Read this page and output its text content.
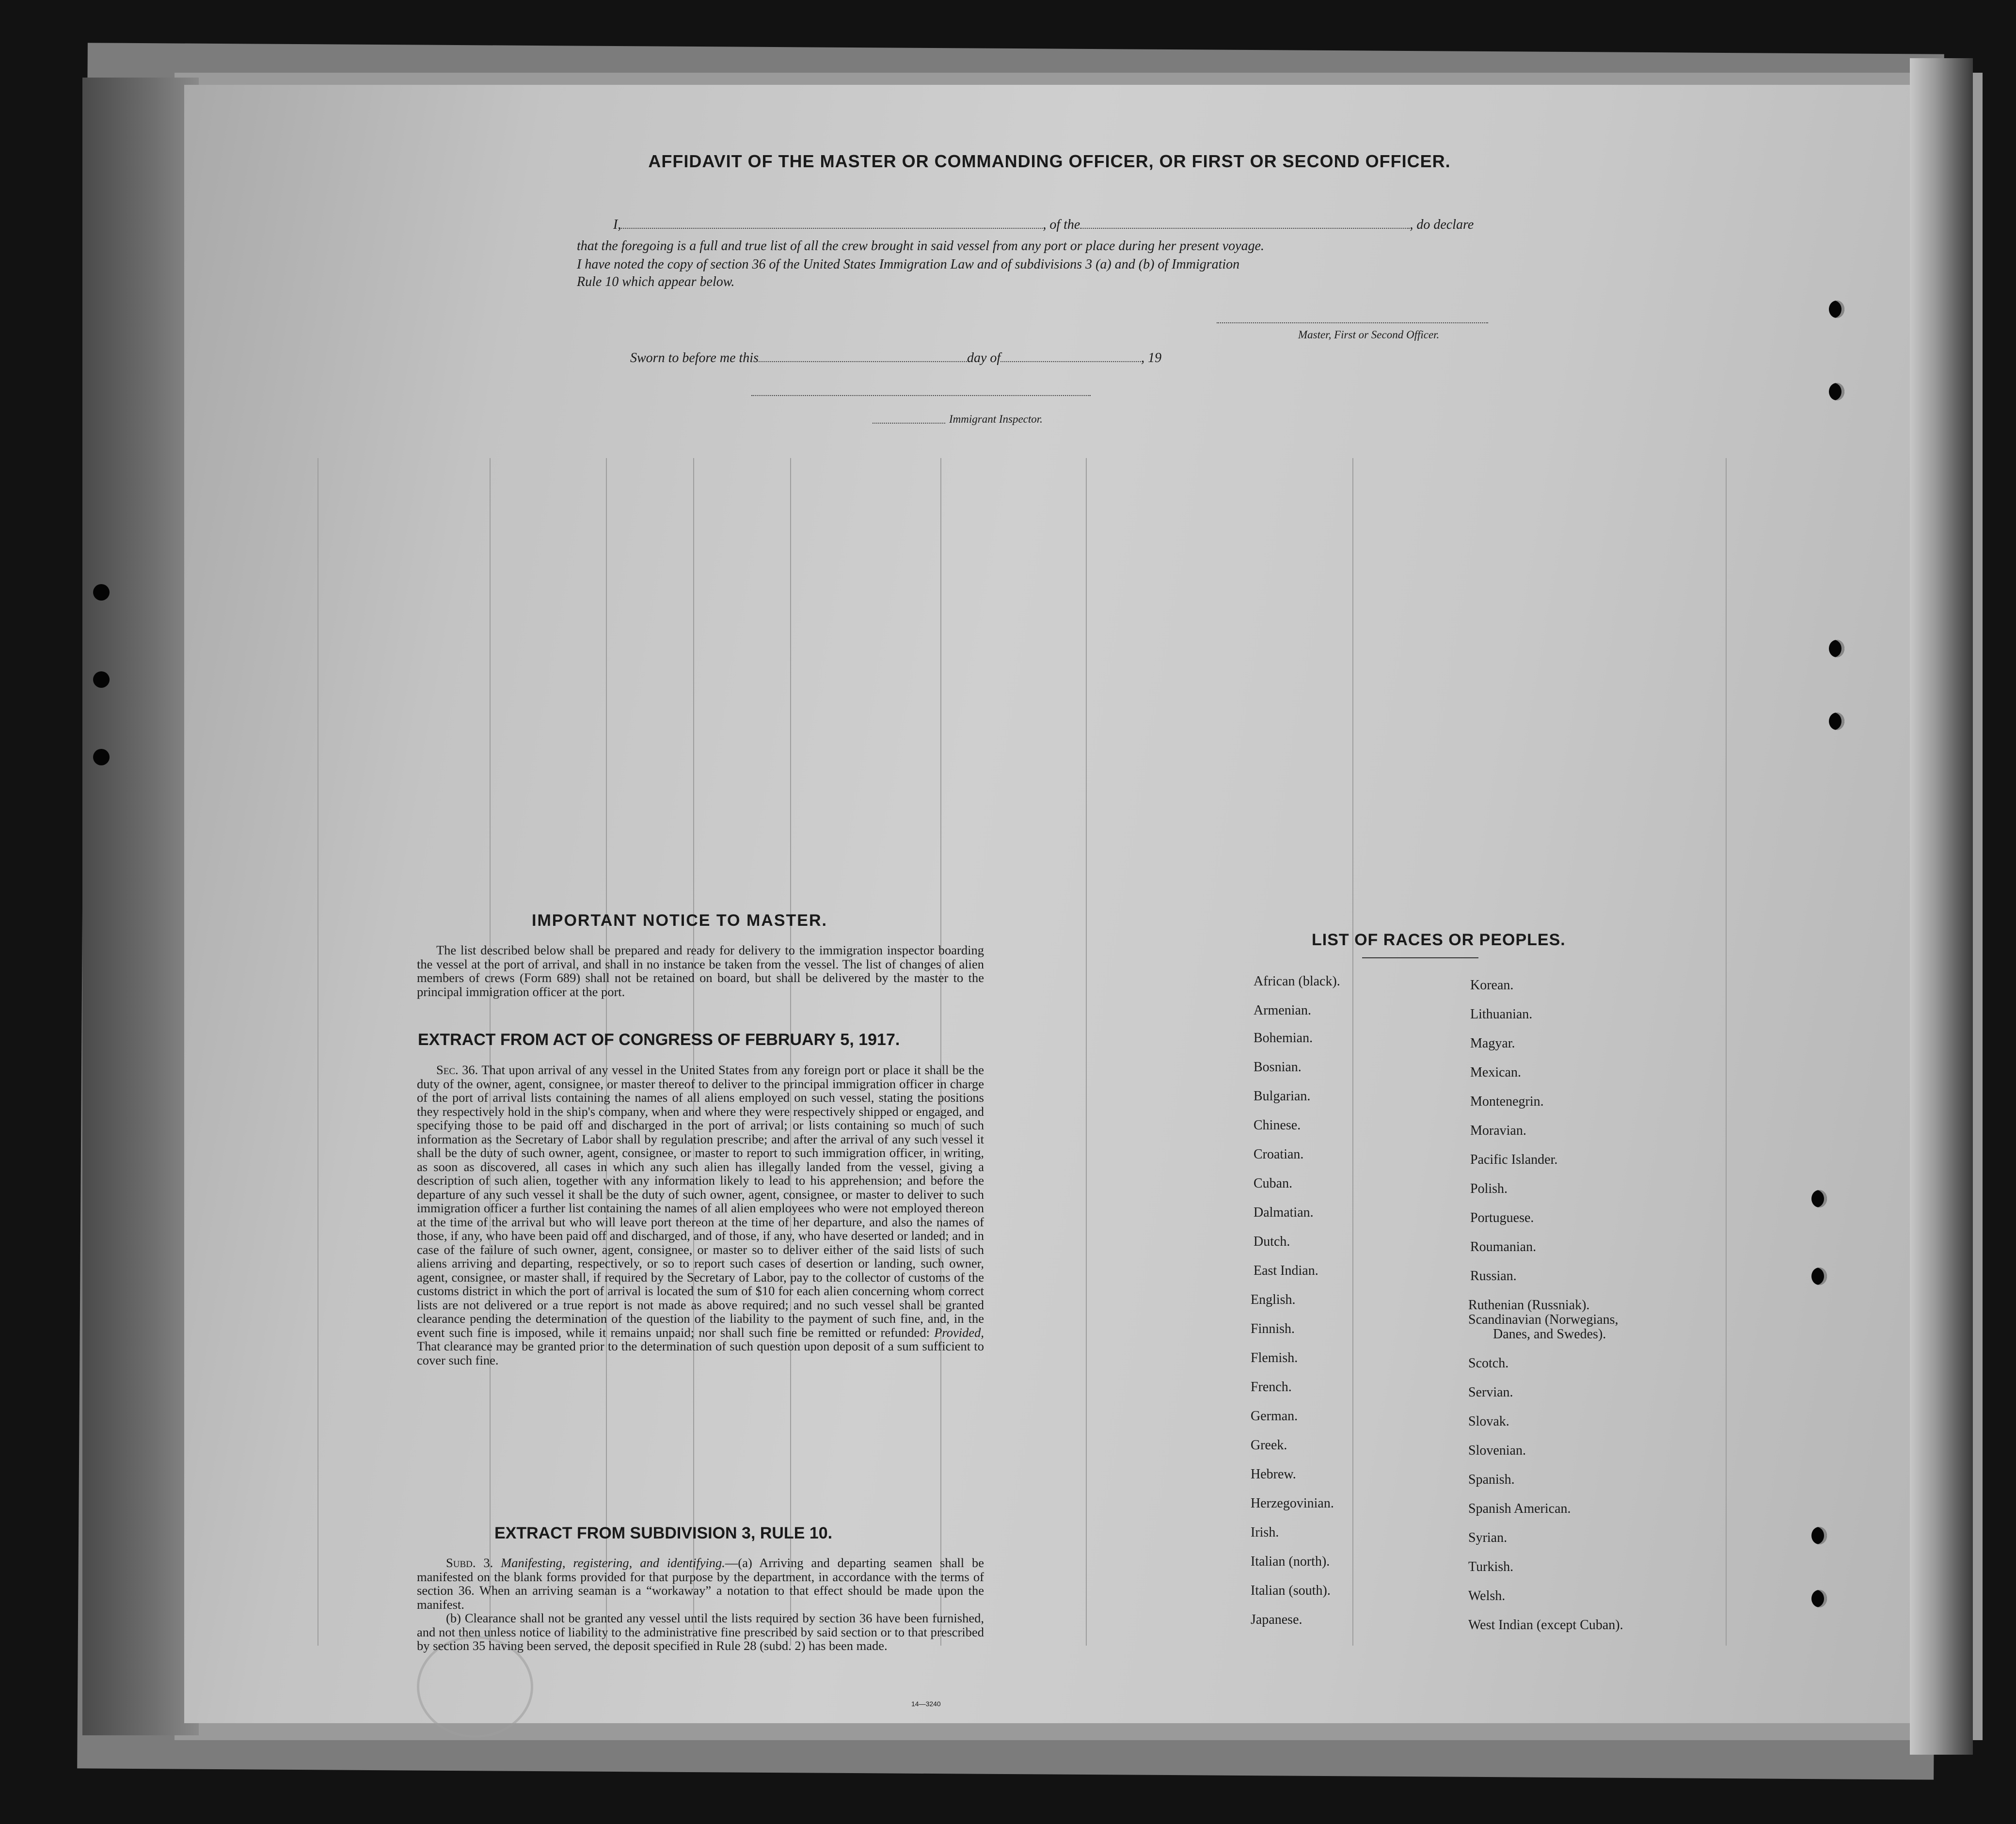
AFFIDAVIT OF THE MASTER OR COMMANDING OFFICER, OR FIRST OR SECOND OFFICER.
I,	, of the	, do declare
that the foregoing is a full and true list of all the crew brought in said vessel from any port or place during her present voyage.
I have noted the copy of section 36 of the United States Immigration Law and of subdivisions 3 (a) and (b) of Immigration
Rule 10 which appear below.
Master, First or Second Officer.
Sworn to before me this	day of	, 19
Immigrant Inspector.
IMPORTANT NOTICE TO MASTER.
The list described below shall be prepared and ready for delivery to the immigration inspector boarding the vessel at the port of arrival, and shall in no instance be taken from the vessel. The list of changes of alien members of crews (Form 689) shall not be retained on board, but shall be delivered by the master to the principal immigration officer at the port.
EXTRACT FROM ACT OF CONGRESS OF FEBRUARY 5, 1917.

Sec. 36. That upon arrival of any vessel in the United States from any foreign port or place it shall be the duty of the owner, agent, consignee, or master thereof to deliver to the principal immigration officer in charge of the port of arrival lists containing the names of all aliens employed on such vessel, stating the positions they respectively hold in the ship's company, when and where they were respectively shipped or engaged, and specifying those to be paid off and discharged in the port of arrival; or lists containing so much of such information as the Secretary of Labor shall by regulation prescribe; and after the arrival of any such vessel it shall be the duty of such owner, agent, consignee, or master to report to such immigration officer, in writing, as soon as discovered, all cases in which any such alien has illegally landed from the vessel, giving a description of such alien, together with any information likely to lead to his apprehension; and before the departure of any such vessel it shall be the duty of such owner, agent, consignee, or master to deliver to such immigration officer a further list containing the names of all alien employees who were not employed thereon at the time of the arrival but who will leave port thereon at the time of her departure, and also the names of those, if any, who have been paid off and discharged, and of those, if any, who have deserted or landed; and in case of the failure of such owner, agent, consignee, or master so to deliver either of the said lists of such aliens arriving and departing, respectively, or so to report such cases of desertion or landing, such owner, agent, consignee, or master shall, if required by the Secretary of Labor, pay to the collector of customs of the customs district in which the port of arrival is located the sum of $10 for each alien concerning whom correct lists are not delivered or a true report is not made as above required; and no such vessel shall be granted clearance pending the determination of the question of the liability to the payment of such fine, and, in the event such fine is imposed, while it remains unpaid; nor shall such fine be remitted or refunded: Provided, That clearance may be granted prior to the determination of such question upon deposit of a sum sufficient to cover such fine.

EXTRACT FROM SUBDIVISION 3, RULE 10.

Subd. 3. Manifesting, registering, and identifying.—(a) Arriving and departing seamen shall be manifested on the blank forms provided for that purpose by the department, in accordance with the terms of section 36. When an arriving seaman is a “workaway” a notation to that effect should be made upon the manifest.

(b) Clearance shall not be granted any vessel until the lists required by section 36 have been furnished, and not then unless notice of liability to the administrative fine prescribed by said section or to that prescribed by section 35 having been served, the deposit specified in Rule 28 (subd. 2) has been made.

14—3240
LIST OF RACES OR PEOPLES.
African (black).
Armenian.
Bohemian.
Bosnian.
Bulgarian.
Chinese.
Croatian.
Cuban.
Dalmatian.
Dutch.
East Indian.
English.
Finnish.
Flemish.
French.
German.
Greek.
Hebrew.
Herzegovinian.
Irish.
Italian (north).
Italian (south).
Japanese.
Korean.
Lithuanian.
Magyar.
Mexican.
Montenegrin.
Moravian.
Pacific Islander.
Polish.
Portuguese.
Roumanian.
Russian.
Ruthenian (Russniak).
Scandinavian (Norwegians,
Danes, and Swedes).
Scotch.
Servian.
Slovak.
Slovenian.
Spanish.
Spanish American.
Syrian.
Turkish.
Welsh.
West Indian (except Cuban).
